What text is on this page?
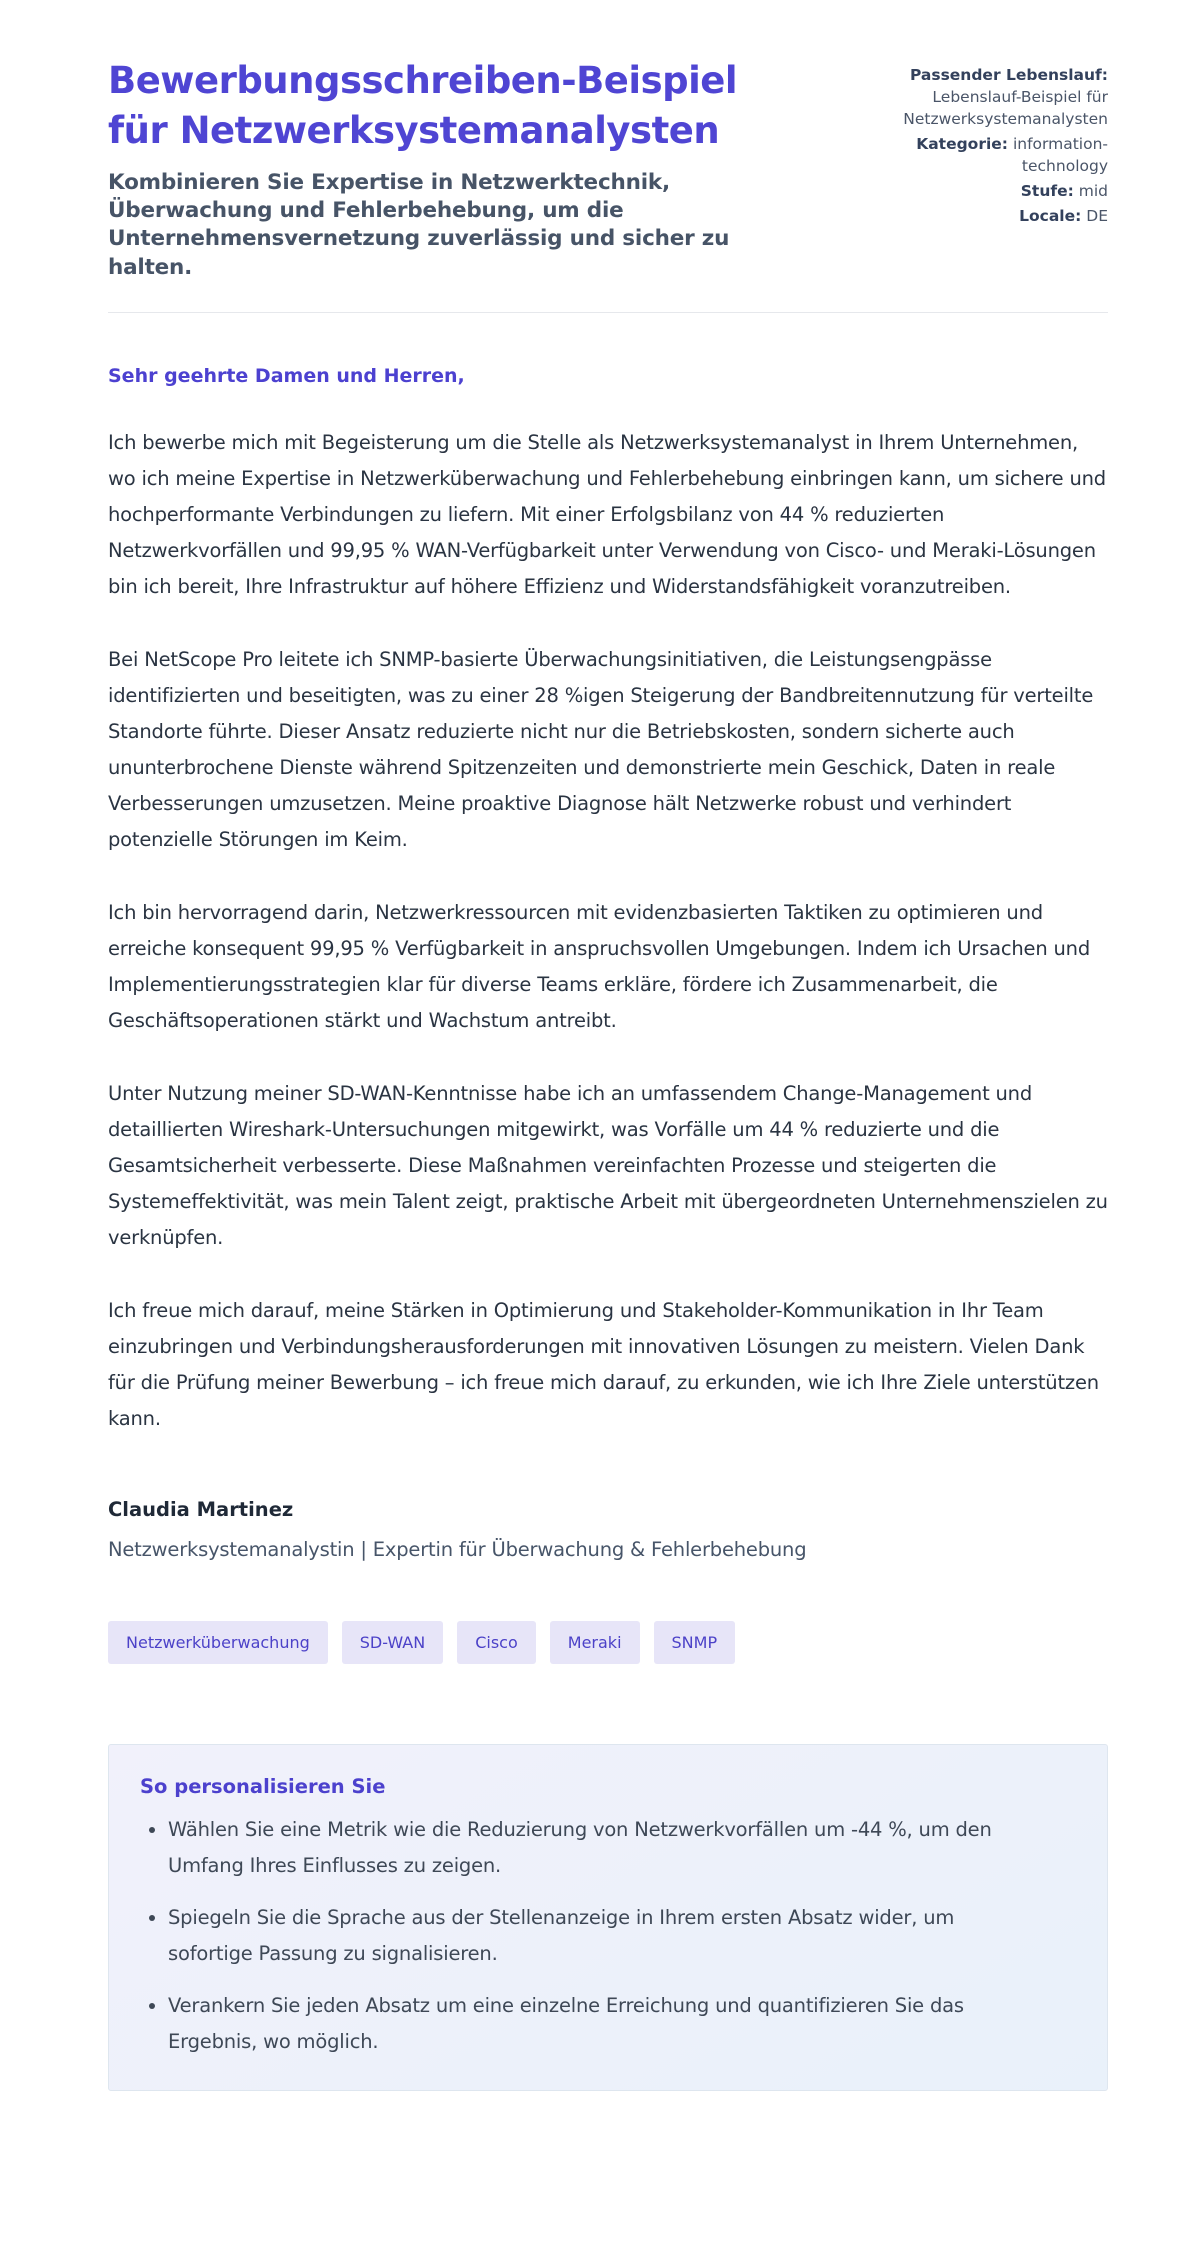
Bewerbungsschreiben-Beispiel für Netzwerksystemanalysten

Kombinieren Sie Expertise in Netzwerktechnik, Überwachung und Fehlerbehebung, um die Unternehmensvernetzung zuverlässig und sicher zu halten.

Passender Lebenslauf: Lebenslauf-Beispiel für Netzwerksystemanalysten

Kategorie: information-technology

Stufe: mid

Locale: DE

Sehr geehrte Damen und Herren,

Ich bewerbe mich mit Begeisterung um die Stelle als Netzwerksystemanalyst in Ihrem Unternehmen, wo ich meine Expertise in Netzwerküberwachung und Fehlerbehebung einbringen kann, um sichere und hochperformante Verbindungen zu liefern. Mit einer Erfolgsbilanz von 44 % reduzierten Netzwerkvorfällen und 99,95 % WAN-Verfügbarkeit unter Verwendung von Cisco- und Meraki-Lösungen bin ich bereit, Ihre Infrastruktur auf höhere Effizienz und Widerstandsfähigkeit voranzutreiben.

Bei NetScope Pro leitete ich SNMP-basierte Überwachungsinitiativen, die Leistungsengpässe identifizierten und beseitigten, was zu einer 28 %igen Steigerung der Bandbreitennutzung für verteilte Standorte führte. Dieser Ansatz reduzierte nicht nur die Betriebskosten, sondern sicherte auch ununterbrochene Dienste während Spitzenzeiten und demonstrierte mein Geschick, Daten in reale Verbesserungen umzusetzen. Meine proaktive Diagnose hält Netzwerke robust und verhindert potenzielle Störungen im Keim.

Ich bin hervorragend darin, Netzwerkressourcen mit evidenzbasierten Taktiken zu optimieren und erreiche konsequent 99,95 % Verfügbarkeit in anspruchsvollen Umgebungen. Indem ich Ursachen und Implementierungsstrategien klar für diverse Teams erkläre, fördere ich Zusammenarbeit, die Geschäftsoperationen stärkt und Wachstum antreibt.

Unter Nutzung meiner SD-WAN-Kenntnisse habe ich an umfassendem Change-Management und detaillierten Wireshark-Untersuchungen mitgewirkt, was Vorfälle um 44 % reduzierte und die Gesamtsicherheit verbesserte. Diese Maßnahmen vereinfachten Prozesse und steigerten die Systemeffektivität, was mein Talent zeigt, praktische Arbeit mit übergeordneten Unternehmenszielen zu verknüpfen.

Ich freue mich darauf, meine Stärken in Optimierung und Stakeholder-Kommunikation in Ihr Team einzubringen und Verbindungsherausforderungen mit innovativen Lösungen zu meistern. Vielen Dank für die Prüfung meiner Bewerbung – ich freue mich darauf, zu erkunden, wie ich Ihre Ziele unterstützen kann.

Claudia Martinez

Netzwerksystemanalystin | Expertin für Überwachung & Fehlerbehebung

Netzwerküberwachung	SD-WAN	Cisco	Meraki	SNMP
So personalisieren Sie
• Wählen Sie eine Metrik wie die Reduzierung von Netzwerkvorfällen um -44 %, um den Umfang Ihres Einflusses zu zeigen.
• Spiegeln Sie die Sprache aus der Stellenanzeige in Ihrem ersten Absatz wider, um sofortige Passung zu signalisieren.
• Verankern Sie jeden Absatz um eine einzelne Erreichung und quantifizieren Sie das Ergebnis, wo möglich.
